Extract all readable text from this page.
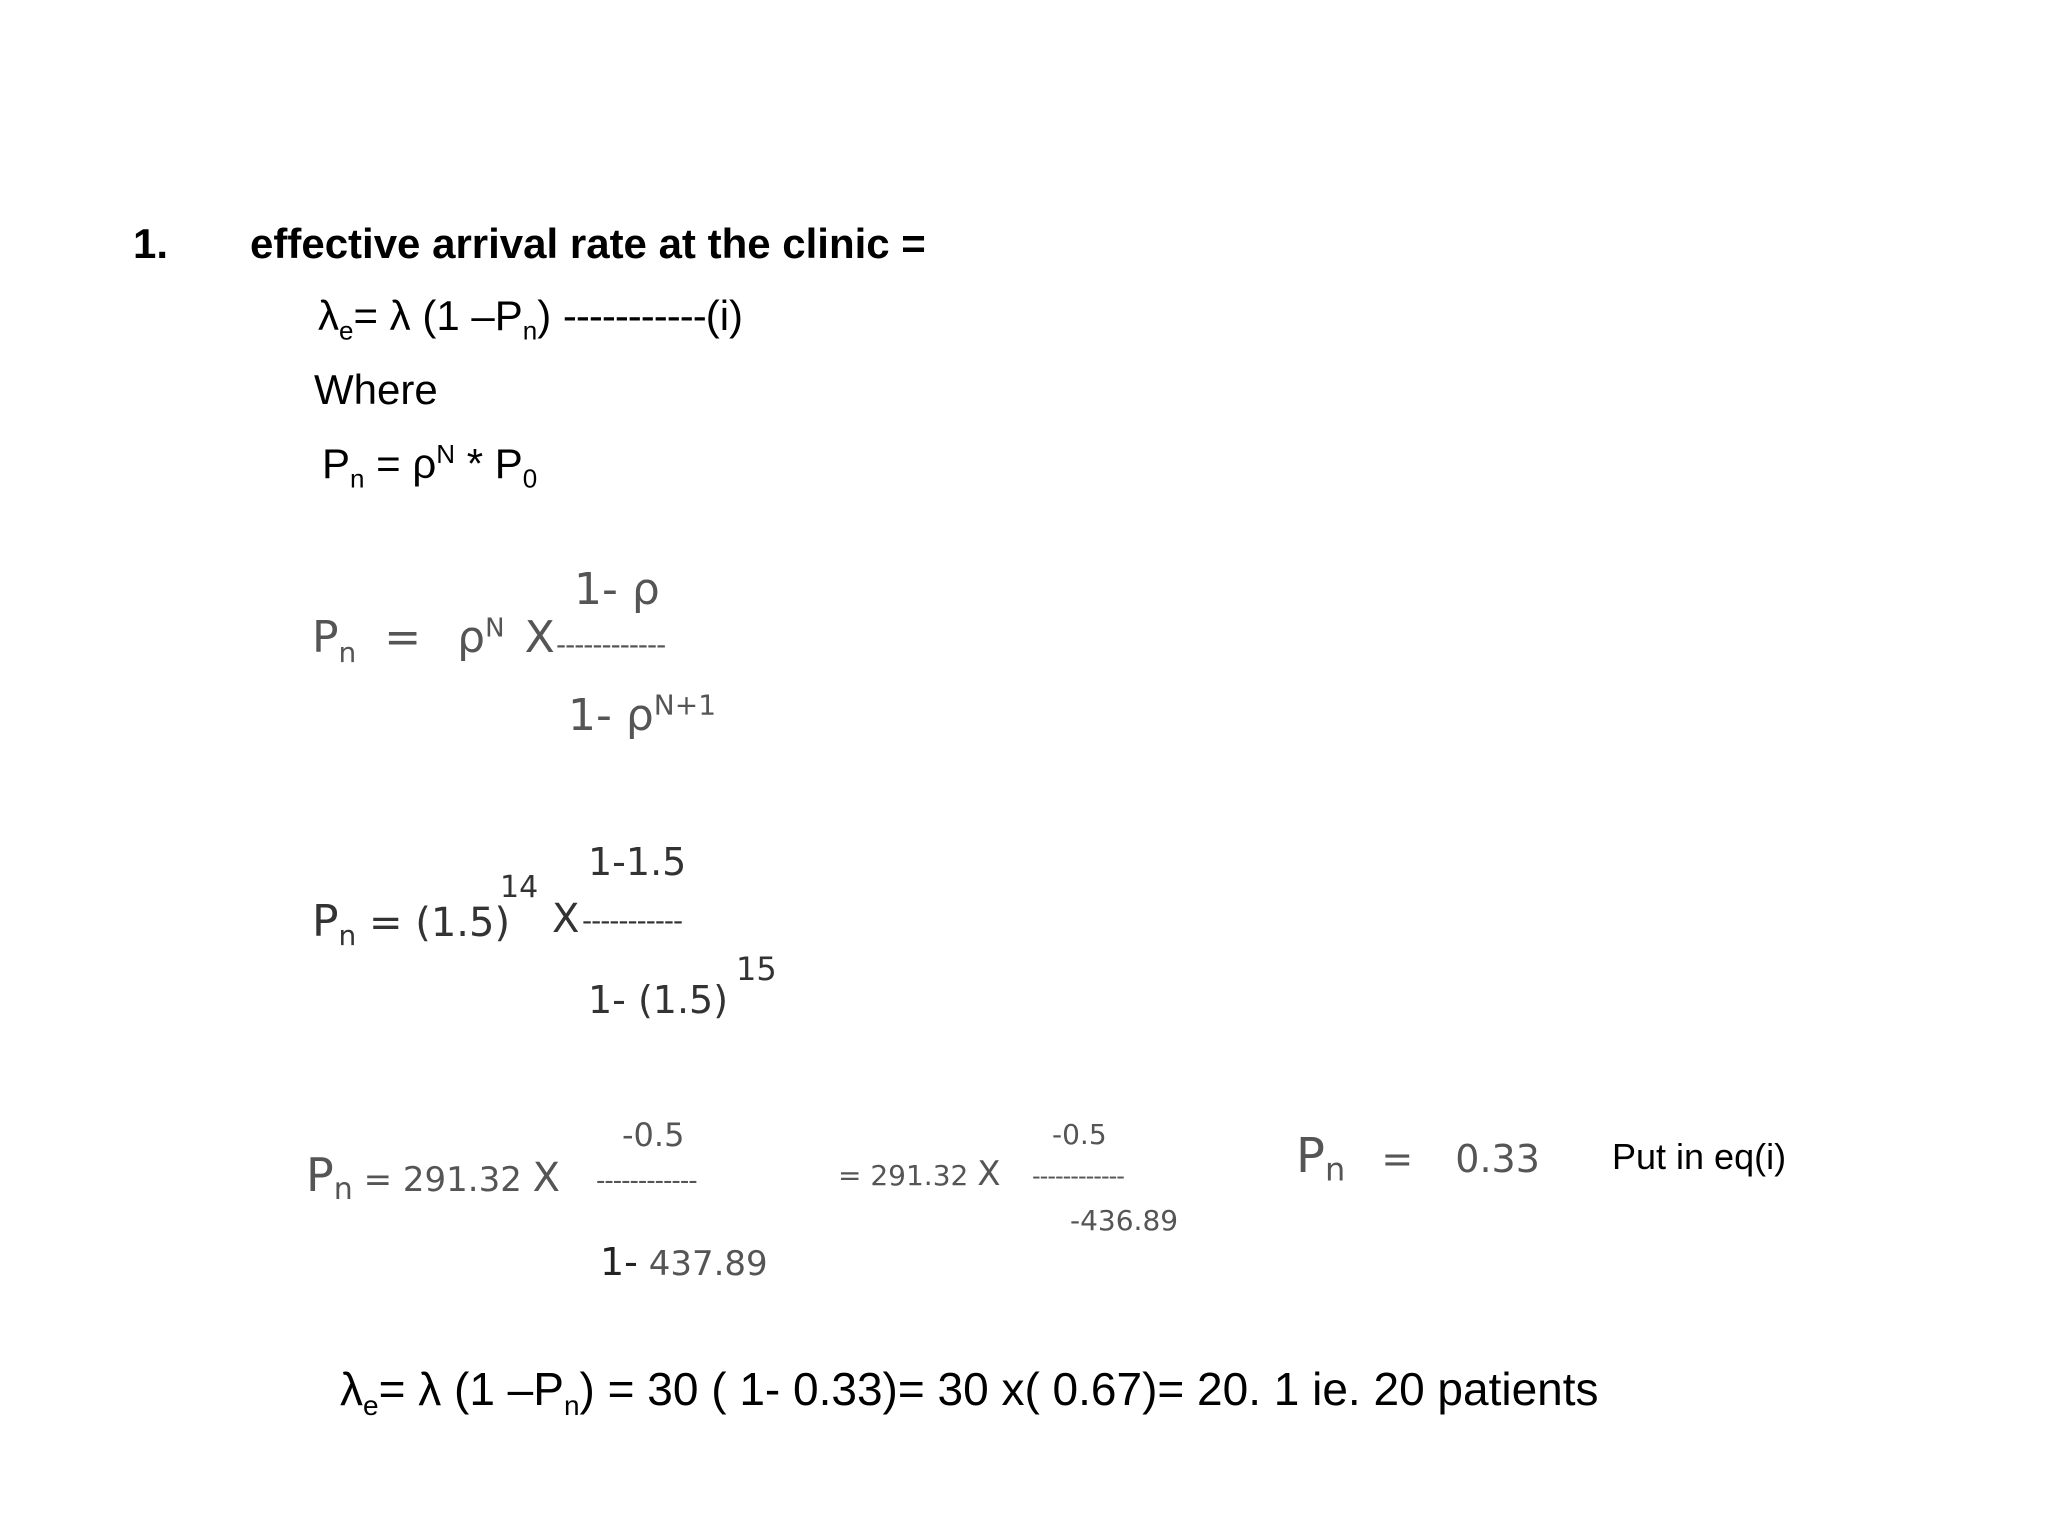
1. effective arrival rate at the clinic =
$\lambda_e= \lambda$ (1 $-P_n$) -----------(i)
Where
$P_n = \rho^N * P_0$
$P_n = \rho^N$ X ------------
1- ρ
1- $\rho^{N+1}$
$P_n = (1.5)$
14
X -----------
1-1.5
1- (1.5)
15
$P_n = 291.32$ X ------------
-0.5
1- 437.89
= 291.32 X ------------
-0.5
-436.89
$P_n = 0.33$ Put in eq(i)
$\lambda_e= \lambda$ (1 $-P_n) = 30$ ( 1- 0.33)= 30 x( 0.67)= 20. 1 ie. 20 patients
